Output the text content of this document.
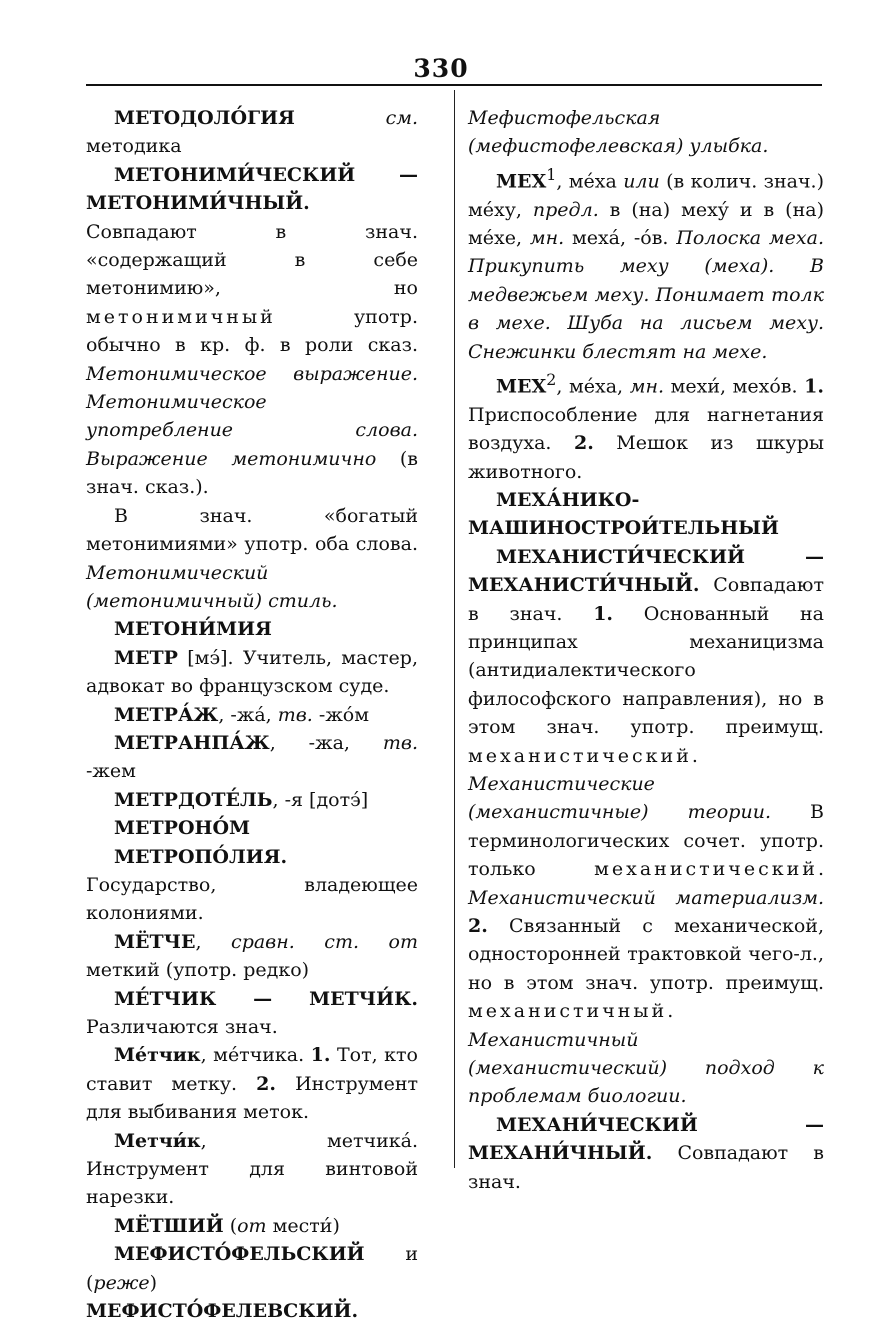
330

МЕТОДОЛО́ГИЯ	см. методика

МЕТОНИМИ́ЧЕСКИЙ — МЕТОНИМИ́ЧНЫЙ. Совпадают в знач. «содержащий в себе метонимию», но метонимичный употр. обычно в кр. ф. в роли сказ. Метонимическое выражение. Метонимическое употребление слова. Выражение метонимично (в знач. сказ.).

В знач. «богатый метонимиями» употр. оба слова. Метонимический (метонимичный) стиль.

МЕТОНИ́МИЯ

МЕТР [мэ́]. Учитель, мастер, адвокат во французском суде.

МЕТРА́Ж, -жа́, тв. -жо́м

МЕТРАНПА́Ж, -жа, тв. -жем

МЕТРДОТЕ́ЛЬ, -я [дотэ́]

МЕТРОНО́М

МЕТРОПО́ЛИЯ. Государство, владеющее колониями.

МЁТЧЕ, сравн. ст. от меткий (употр. редко)

МЕ́ТЧИК — МЕТЧИ́К. Различаются знач.

Ме́тчик, ме́тчика. 1. Тот, кто ставит метку. 2. Инструмент для выбивания меток.

Метчи́к, метчика́. Инструмент для винтовой нарезки.

МЁТШИЙ (от мести́)

МЕФИСТО́ФЕЛЬСКИЙ и (реже) МЕФИСТО́ФЕЛЕВСКИЙ.

Мефистофельская (мефистофелевская) улыбка.

МЕХ$^1$, ме́ха или (в колич. знач.) ме́ху, предл. в (на) меху́ и в (на) ме́хе, мн. меха́, -о́в. Полоска меха. Прикупить меху (меха). В медвежьем меху. Понимает толк в мехе. Шуба на лисьем меху. Снежинки блестят на мехе.

МЕХ$^2$, ме́ха, мн. мехи́, мехо́в. 1. Приспособление для нагнетания воздуха. 2. Мешок из шкуры животного.

МЕХА́НИКО-МАШИНОСТРОИ́ТЕЛЬНЫЙ

МЕХАНИСТИ́ЧЕСКИЙ — МЕХАНИСТИ́ЧНЫЙ. Совпадают в знач. 1. Основанный на принципах механицизма (антидиалектического философского направления), но в этом знач. употр. преимущ. механистический. Механистические (механистичные) теории. В терминологических сочет. употр. только механистический. Механистический материализм. 2. Связанный с механической, односторонней трактовкой чего-л., но в этом знач. употр. преимущ. механистичный. Механистичный (механистический) подход к проблемам биологии.

МЕХАНИ́ЧЕСКИЙ — МЕХАНИ́ЧНЫЙ. Совпадают в знач.
